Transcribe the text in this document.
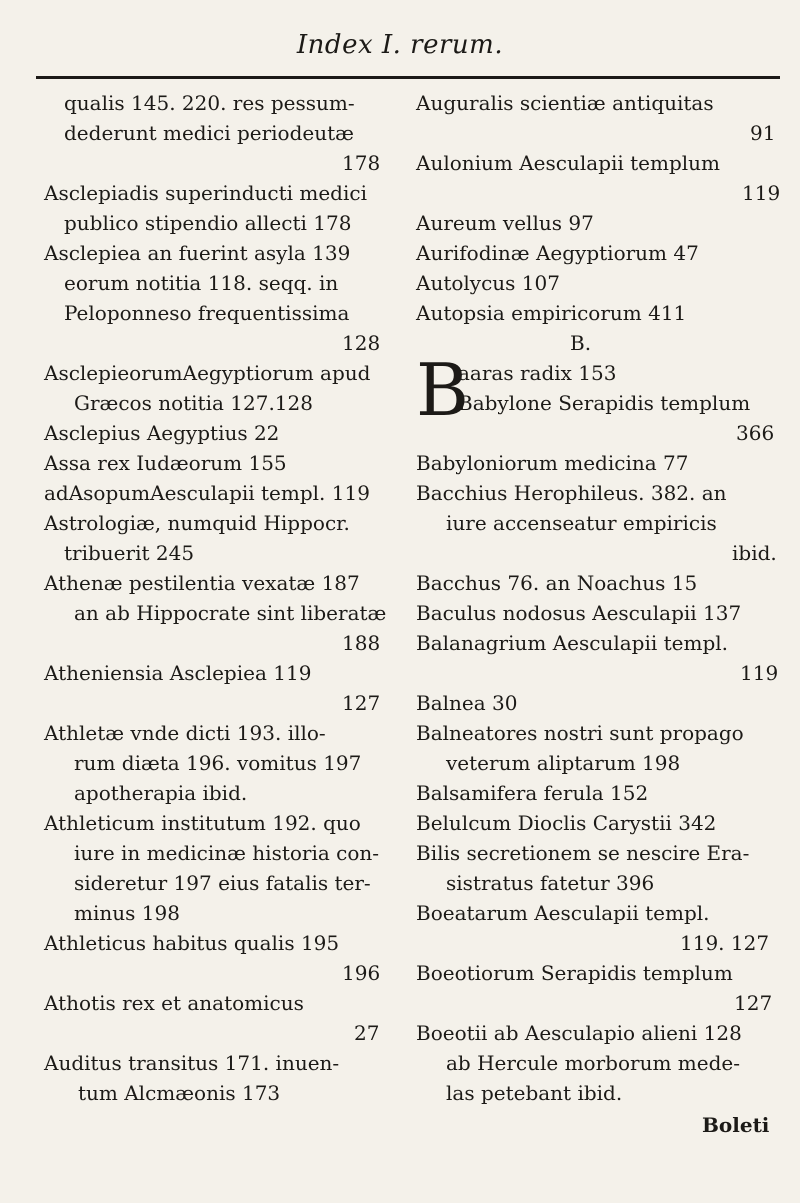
Index I. rerum.
qualis 145. 220. res pessum-
dederunt medici periodeutæ
178
Asclepiadis superinducti medici
publico stipendio allecti 178
Asclepiea an fuerint asyla 139
eorum notitia 118. seqq. in
Peloponneso frequentissima
128
AsclepieorumAegyptiorum apud
Græcos notitia 127.128
Asclepius Aegyptius 22
Assa rex Iudæorum 155
adAsopumAesculapii templ. 119
Astrologiæ, numquid Hippocr.
tribuerit 245
Athenæ pestilentia vexatæ 187
an ab Hippocrate sint liberatæ
188
Atheniensia Asclepiea 119
127
Athletæ vnde dicti 193. illo-
rum diæta 196. vomitus 197
apotherapia ibid.
Athleticum institutum 192. quo
iure in medicinæ historia con-
sideretur 197 eius fatalis ter-
minus 198
Athleticus habitus qualis 195
196
Athotis rex et anatomicus
27
Auditus transitus 171. inuen-
tum Alcmæonis 173
Auguralis scientiæ antiquitas
91
Aulonium Aesculapii templum
119
Aureum vellus 97
Aurifodinæ Aegyptiorum 47
Autolycus 107
Autopsia empiricorum 411
B.
B
aaras radix 153
Babylone Serapidis templum
366
Babyloniorum medicina 77
Bacchius Herophileus. 382. an
iure accenseatur empiricis
ibid.
Bacchus 76. an Noachus 15
Baculus nodosus Aesculapii 137
Balanagrium Aesculapii templ.
119
Balnea 30
Balneatores nostri sunt propago
veterum aliptarum 198
Balsamifera ferula 152
Belulcum Dioclis Carystii 342
Bilis secretionem se nescire Era-
sistratus fatetur 396
Boeatarum Aesculapii templ.
119. 127
Boeotiorum Serapidis templum
127
Boeotii ab Aesculapio alieni 128
ab Hercule morborum mede-
las petebant ibid.
Boleti
